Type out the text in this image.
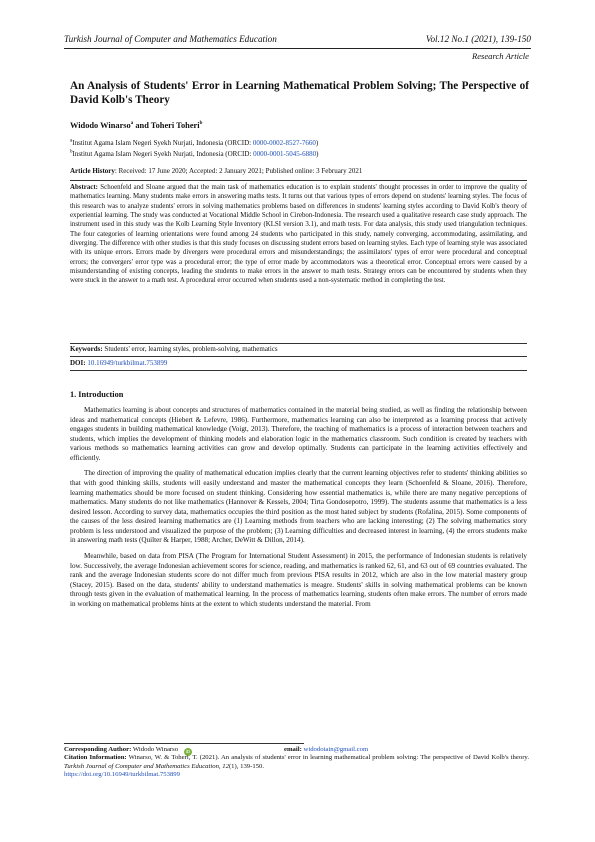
Turkish Journal of Computer and Mathematics Education	Vol.12 No.1 (2021), 139-150
Research Article
An Analysis of Students' Error in Learning Mathematical Problem Solving; The Perspective of David Kolb's Theory
Widodo Winarso$^a$ and Toheri Toheri$^b$
$^a$Institut Agama Islam Negeri Syekh Nurjati, Indonesia (ORCID: 0000-0002-8527-7660)
$^b$Institut Agama Islam Negeri Syekh Nurjati, Indonesia (ORCID: 0000-0001-5045-6880)
Article History: Received: 17 June 2020; Accepted: 2 January 2021; Published online: 3 February 2021
Abstract: Schoenfeld and Sloane argued that the main task of mathematics education is to explain students' thought processes in order to improve the quality of mathematics learning. Many students make errors in answering maths tests. It turns out that various types of errors depend on students' learning styles. The focus of this research was to analyze students' errors in solving mathematics problems based on differences in students' learning styles according to David Kolb's theory of experiential learning. The study was conducted at Vocational Middle School in Cirebon-Indonesia. The research used a qualitative research case study approach. The instrument used in this study was the Kolb Learning Style Inventory (KLSI version 3.1), and math tests. For data analysis, this study used triangulation techniques. The four categories of learning orientations were found among 24 students who participated in this study, namely converging, accommodating, assimilating, and diverging. The difference with other studies is that this study focuses on discussing student errors based on learning styles. Each type of learning style was associated with its unique errors. Errors made by divergers were procedural errors and misunderstandings; the assimilators' types of error were procedural and conceptual errors; the convergers' error type was a procedural error; the type of error made by accommodators was a theoretical error. Conceptual errors were caused by a misunderstanding of existing concepts, leading the students to make errors in the answer to math tests. Strategy errors can be encountered by students when they were stuck in the answer to a math test. A procedural error occurred when students used a non-systematic method in completing the test.
Keywords: Students' error, learning styles, problem-solving, mathematics
DOI: 10.16949/turkbilmat.753899
1. Introduction

Mathematics learning is about concepts and structures of mathematics contained in the material being studied, as well as finding the relationship between ideas and mathematical concepts (Hiebert & Lefevre, 1986). Furthermore, mathematics learning can also be interpreted as a learning process that actively engages students in building mathematical knowledge (Voigt, 2013). Therefore, the teaching of mathematics is a process of interaction between teachers and students, which implies the development of thinking models and elaboration logic in the mathematics classroom. Such condition is created by teachers with various methods so mathematics learning activities can grow and develop optimally. Students can participate in the learning activities effectively and efficiently.

The direction of improving the quality of mathematical education implies clearly that the current learning objectives refer to students' thinking abilities so that with good thinking skills, students will easily understand and master the mathematical concepts they learn (Schoenfeld & Sloane, 2016). Therefore, learning mathematics should be more focused on student thinking. Considering how essential mathematics is, while there are many negative perceptions of mathematics. Many students do not like mathematics (Hannover & Kessels, 2004; Tirta Gondosepotro, 1999). The students assume that mathematics is a less desired lesson. According to survey data, mathematics occupies the third position as the most hated subject by students (Rofalina, 2015). Some components of the causes of the less desired learning mathematics are (1) Learning methods from teachers who are lacking interesting; (2) The solving mathematics story problem is less understood and visualized the purpose of the problem; (3) Learning difficulties and decreased interest in learning, (4) the errors students make in answering math tests (Quilter & Harper, 1988; Archer, DeWitt & Dillon, 2014).

Meanwhile, based on data from PISA (The Program for International Student Assessment) in 2015, the performance of Indonesian students is relatively low. Successively, the average Indonesian achievement scores for science, reading, and mathematics is ranked 62, 61, and 63 out of 69 countries evaluated. The rank and the average Indonesian students score do not differ much from previous PISA results in 2012, which are also in the low material mastery group (Stacey, 2015). Based on the data, students' ability to understand mathematics is meagre. Students' skills in solving mathematical problems can be known through tests given in the evaluation of mathematical learning. In the process of mathematics learning, students often make errors. The number of errors made in working on mathematical problems hints at the extent to which students understand the material. From

Corresponding Author: Widodo Winarso iD	email: widodoiain@gmail.com
Citation Information: Winarso, W. & Toheri, T. (2021). An analysis of students' error in learning mathematical problem solving: The perspective of David Kolb's theory. Turkish Journal of Computer and Mathematics Education, 12(1), 139-150.
https://doi.org/10.16949/turkbilmat.753899
